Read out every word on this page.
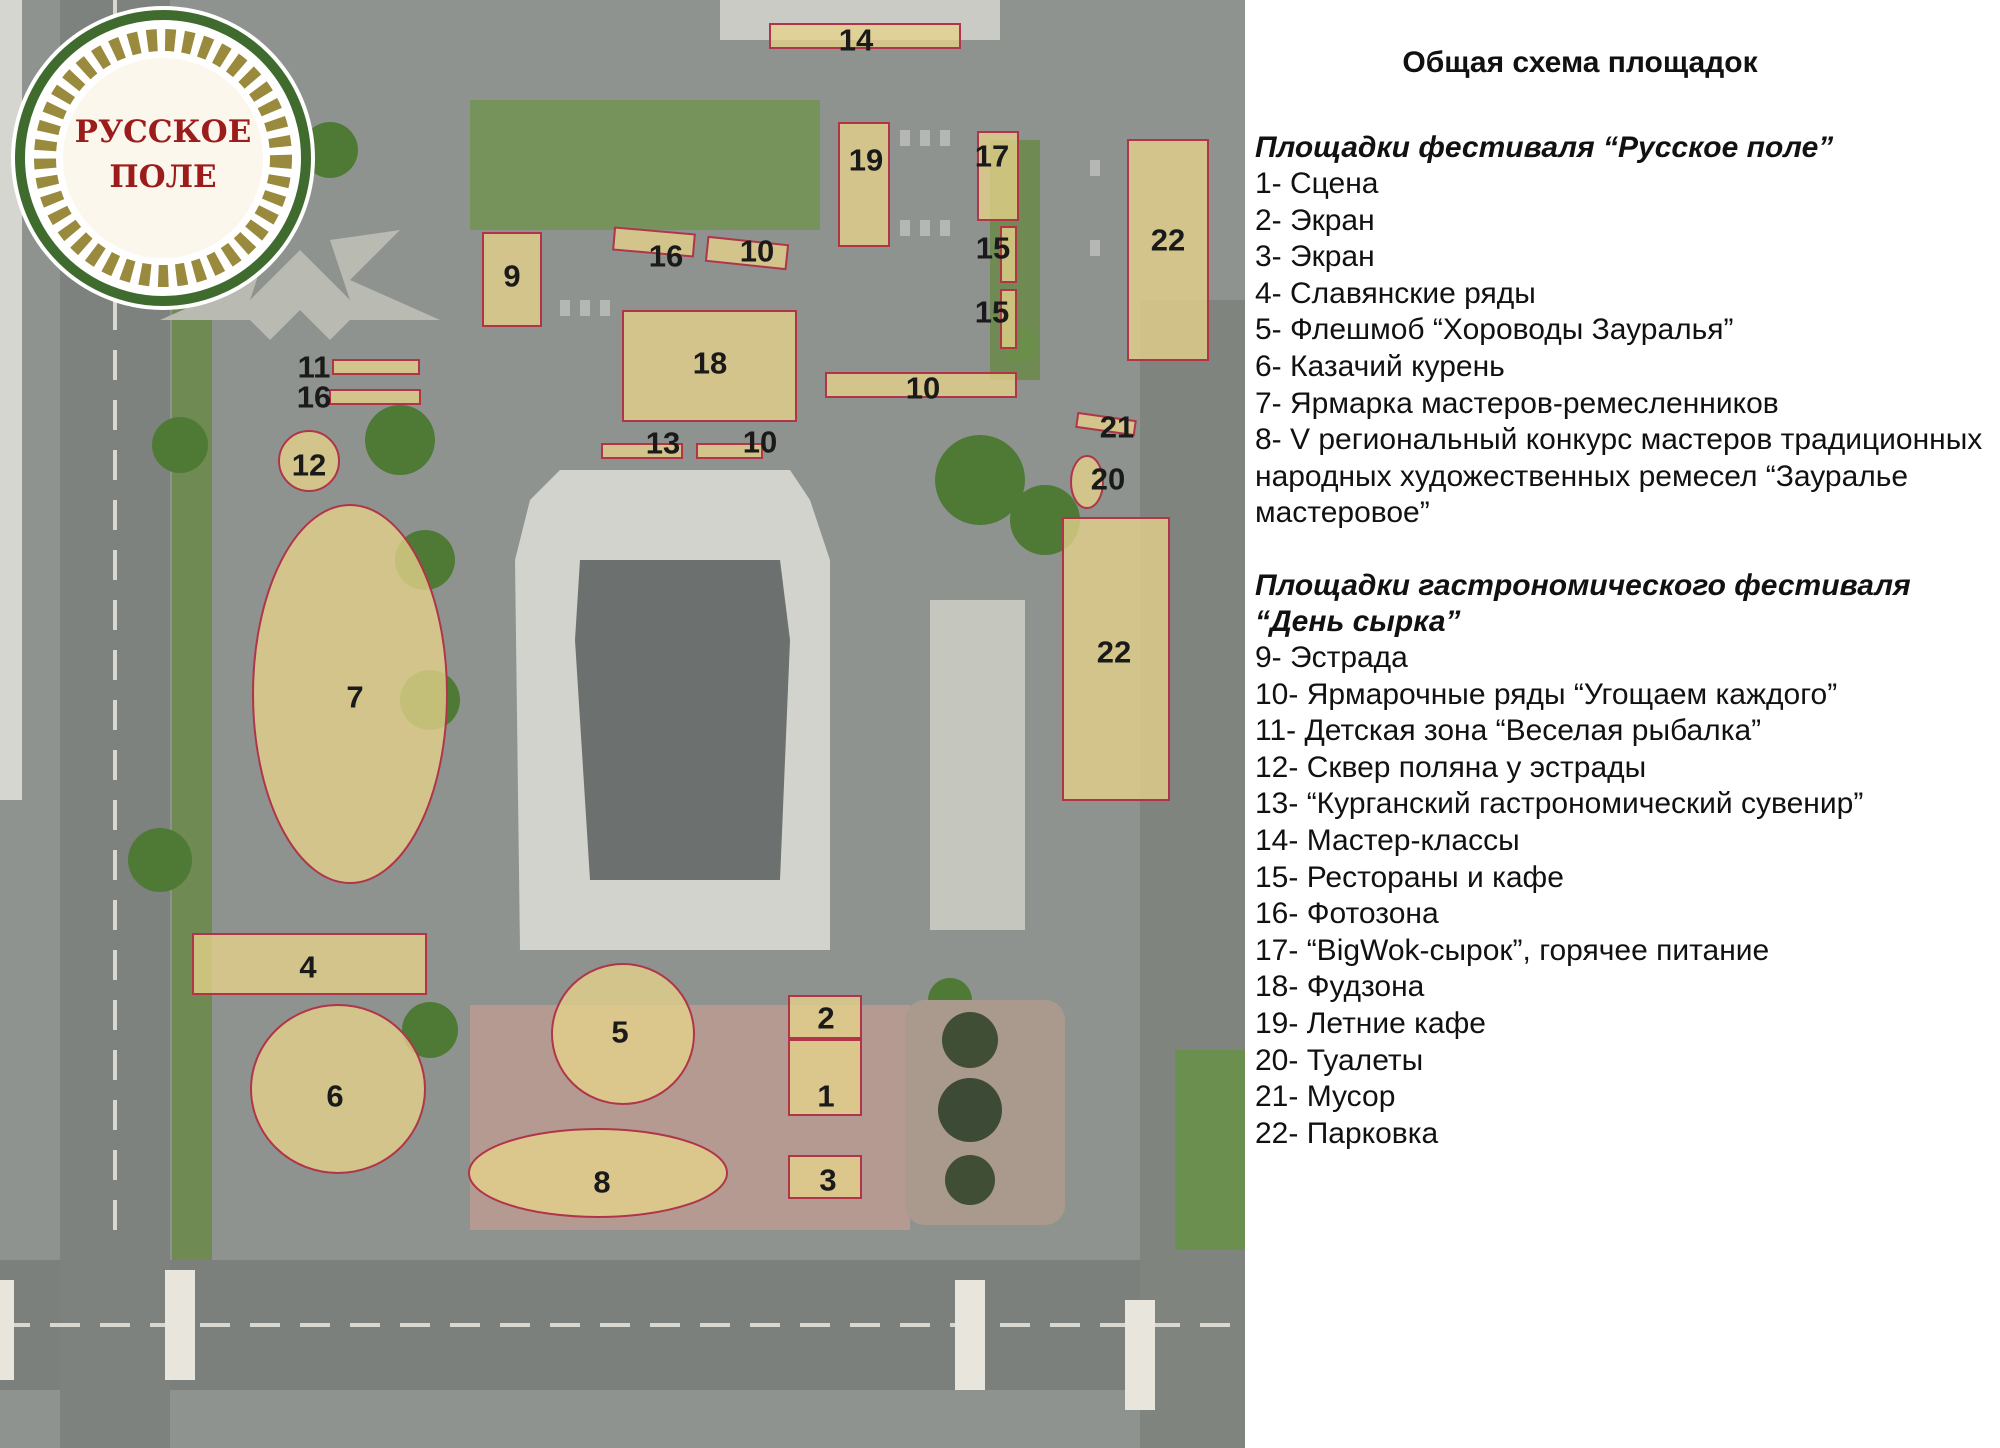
1
2
3
4
5
6
7
8
9
10
10
10
11
12
13
14
15
15
16
16
17
18
19
20
21
22
22
РУССКОЕ
ПОЛЕ
Общая схема площадок

Площадки фестиваля “Русское поле”

1- Сцена
2- Экран
3- Экран
4- Славянские ряды
5- Флешмоб “Хороводы Зауралья”
6- Казачий курень
7- Ярмарка мастеров-ремесленников
8- V региональный конкурс мастеров традиционных народных художественных ремесел “Зауралье мастеровое”

Площадки гастрономического фестиваля “День сырка”

9- Эстрада
10- Ярмарочные ряды “Угощаем каждого”
11- Детская зона “Веселая рыбалка”
12- Сквер поляна у эстрады
13- “Курганский гастрономический сувенир”
14- Мастер-классы
15- Рестораны и кафе
16- Фотозона
17- “BigWok-сырок”, горячее питание
18- Фудзона
19- Летние кафе
20- Туалеты
21- Мусор
22- Парковка
